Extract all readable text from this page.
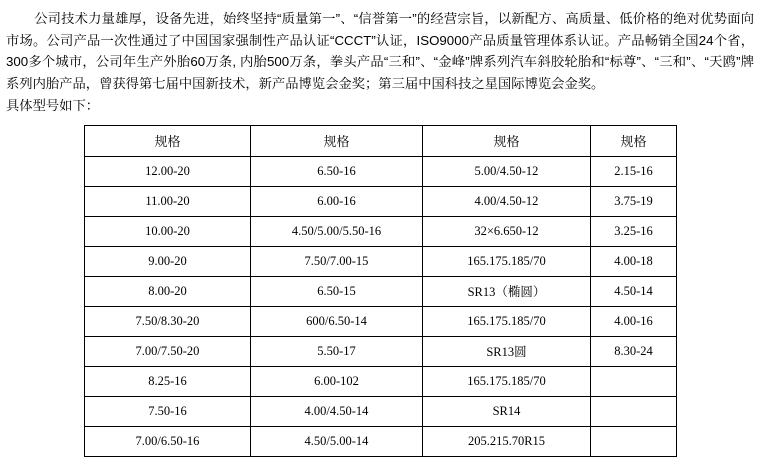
公司技术力量雄厚，设备先进，始终坚持“质量第一”、“信誉第一”的经营宗旨，以新配方、高质量、低价格的绝对优势面向市场。公司产品一次性通过了中国国家强制性产品认证“CCCT”认证，ISO9000产品质量管理体系认证。产品畅销全国24个省，300多个城市，公司年生产外胎60万条, 内胎500万条，拳头产品“三和”、“金峰”牌系列汽车斜胶轮胎和“标尊”、“三和”、“天鸥”牌系列内胎产品，曾获得第七届中国新技术，新产品博览会金奖；第三届中国科技之星国际博览会金奖。

具体型号如下：

规格	规格	规格	规格
12.00-20	6.50-16	5.00/4.50-12	2.15-16
11.00-20	6.00-16	4.00/4.50-12	3.75-19
10.00-20	4.50/5.00/5.50-16	32×6.650-12	3.25-16
9.00-20	7.50/7.00-15	165.175.185/70	4.00-18
8.00-20	6.50-15	SR13（椭圆）	4.50-14
7.50/8.30-20	600/6.50-14	165.175.185/70	4.00-16
7.00/7.50-20	5.50-17	SR13圆	8.30-24
8.25-16	6.00-102	165.175.185/70	
7.50-16	4.00/4.50-14	SR14	
7.00/6.50-16	4.50/5.00-14	205.215.70R15	
